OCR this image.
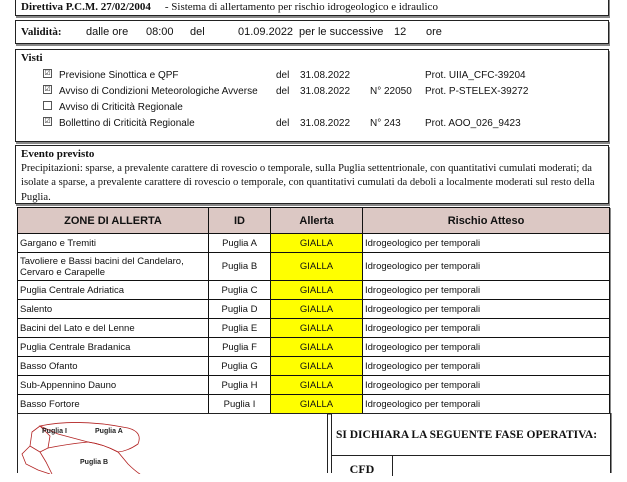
Direttiva P.C.M. 27/02/2004 - Sistema di allertamento per rischio idrogeologico e idraulico
Validità: dalle ore 08:00 del	01.09.2022 per le successive 12 ore
Visti
☑ Previsione Sinottica e QPF	del 31.08.2022	Prot. UIIA_CFC-39204
☑ Avviso di Condizioni Meteorologiche Avverse del 31.08.2022 N° 22050 Prot. P-STELEX-39272
Avviso di Criticità Regionale
☑ Bollettino di Criticità Regionale	del 31.08.2022 N° 243 Prot. AOO_026_9423
Evento previsto
Precipitazioni: sparse, a prevalente carattere di rovescio o temporale, sulla Puglia settentrionale, con quantitativi cumulati moderati; da isolate a sparse, a prevalente carattere di rovescio o temporale, con quantitativi cumulati da deboli a localmente moderati sul resto della Puglia.
ZONE DI ALLERTA	ID	Allerta	Rischio Atteso
Gargano e Tremiti	Puglia A	GIALLA	Idrogeologico per temporali
Tavoliere e Bassi bacini del Candelaro, Cervaro e Carapelle	Puglia B	GIALLA	Idrogeologico per temporali
Puglia Centrale Adriatica	Puglia C	GIALLA	Idrogeologico per temporali
Salento	Puglia D	GIALLA	Idrogeologico per temporali
Bacini del Lato e del Lenne	Puglia E	GIALLA	Idrogeologico per temporali
Puglia Centrale Bradanica	Puglia F	GIALLA	Idrogeologico per temporali
Basso Ofanto	Puglia G	GIALLA	Idrogeologico per temporali
Sub-Appennino Dauno	Puglia H	GIALLA	Idrogeologico per temporali
Basso Fortore	Puglia I	GIALLA	Idrogeologico per temporali
Puglia I	Puglia A
Puglia B
SI DICHIARA LA SEGUENTE FASE OPERATIVA:
CFD
